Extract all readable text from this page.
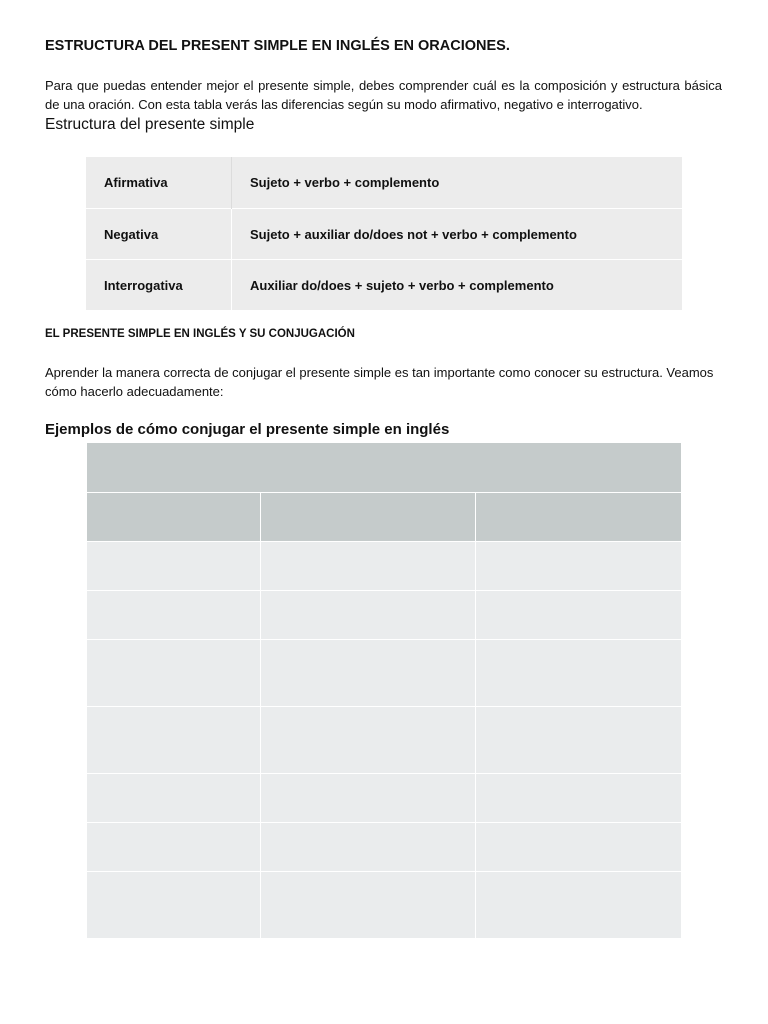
ESTRUCTURA DEL PRESENT SIMPLE EN INGLÉS EN ORACIONES.
Para que puedas entender mejor el presente simple, debes comprender cuál es la composición y estructura básica de una oración. Con esta tabla verás las diferencias según su modo afirmativo, negativo e interrogativo.
Estructura del presente simple
Afirmativa	Sujeto + verbo + complemento
Negativa	Sujeto + auxiliar do/does not + verbo + complemento
Interrogativa	Auxiliar do/does + sujeto + verbo + complemento
EL PRESENTE SIMPLE EN INGLÉS Y SU CONJUGACIÓN
Aprender la manera correcta de conjugar el presente simple es tan importante como conocer su estructura. Veamos cómo hacerlo adecuadamente:
Ejemplos de cómo conjugar el presente simple en inglés
